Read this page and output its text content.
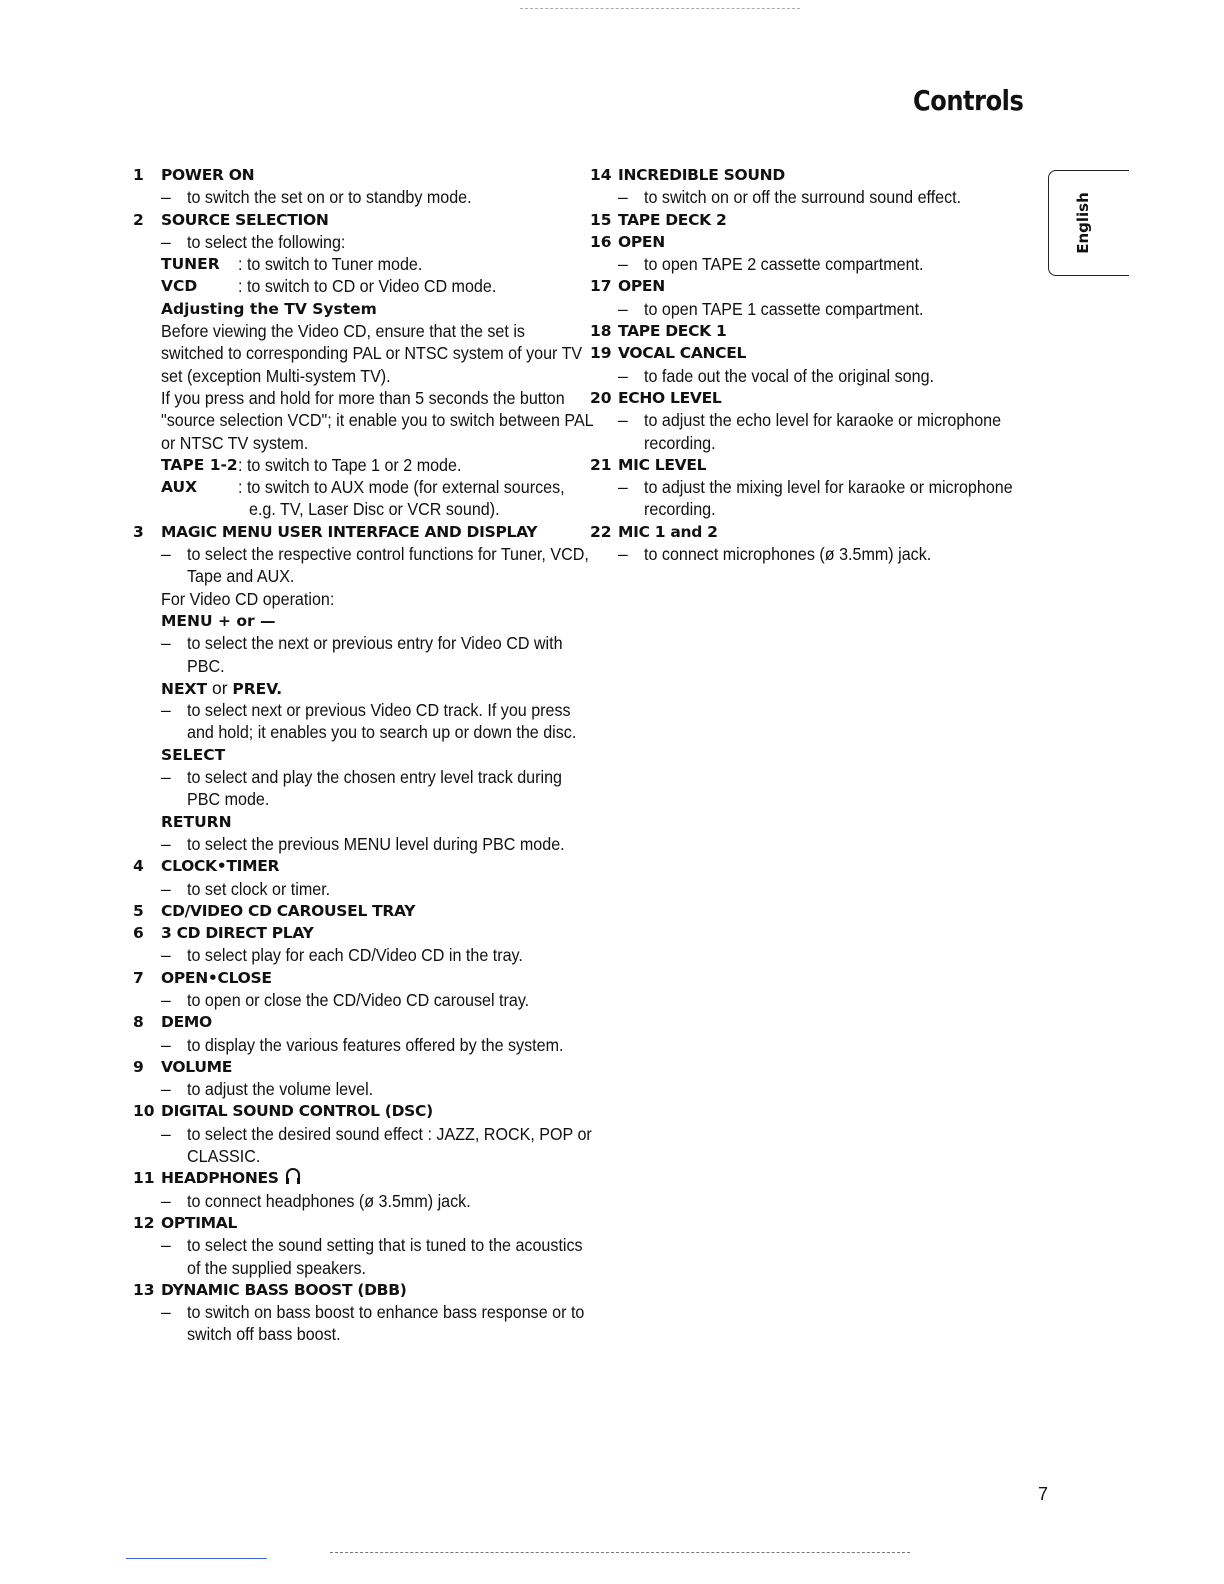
Controls
English
1 POWER ON
– to switch the set on or to standby mode.
2 SOURCE SELECTION
– to select the following:
TUNER : to switch to Tuner mode.
VCD : to switch to CD or Video CD mode.
Adjusting the TV System
Before viewing the Video CD, ensure that the set is
switched to corresponding PAL or NTSC system of your TV
set (exception Multi-system TV).
If you press and hold for more than 5 seconds the button
"source selection VCD"; it enable you to switch between PAL
or NTSC TV system.
TAPE 1-2 : to switch to Tape 1 or 2 mode.
AUX : to switch to AUX mode (for external sources,
e.g. TV, Laser Disc or VCR sound).
3 MAGIC MENU USER INTERFACE AND DISPLAY
– to select the respective control functions for Tuner, VCD,
Tape and AUX.
For Video CD operation:
MENU + or —
– to select the next or previous entry for Video CD with
PBC.
NEXT or PREV.
– to select next or previous Video CD track. If you press
and hold; it enables you to search up or down the disc.
SELECT
– to select and play the chosen entry level track during
PBC mode.
RETURN
– to select the previous MENU level during PBC mode.
4 CLOCK•TIMER
– to set clock or timer.
5 CD/VIDEO CD CAROUSEL TRAY
6 3 CD DIRECT PLAY
– to select play for each CD/Video CD in the tray.
7 OPEN•CLOSE
– to open or close the CD/Video CD carousel tray.
8 DEMO
– to display the various features offered by the system.
9 VOLUME
– to adjust the volume level.
10 DIGITAL SOUND CONTROL (DSC)
– to select the desired sound effect : JAZZ, ROCK, POP or
CLASSIC.
11 HEADPHONES
– to connect headphones (ø 3.5mm) jack.
12 OPTIMAL
– to select the sound setting that is tuned to the acoustics
of the supplied speakers.
13 DYNAMIC BASS BOOST (DBB)
– to switch on bass boost to enhance bass response or to
switch off bass boost.
14 INCREDIBLE SOUND
– to switch on or off the surround sound effect.
15 TAPE DECK 2
16 OPEN
– to open TAPE 2 cassette compartment.
17 OPEN
– to open TAPE 1 cassette compartment.
18 TAPE DECK 1
19 VOCAL CANCEL
– to fade out the vocal of the original song.
20 ECHO LEVEL
– to adjust the echo level for karaoke or microphone
recording.
21 MIC LEVEL
– to adjust the mixing level for karaoke or microphone
recording.
22 MIC 1 and 2
– to connect microphones (ø 3.5mm) jack.
7
